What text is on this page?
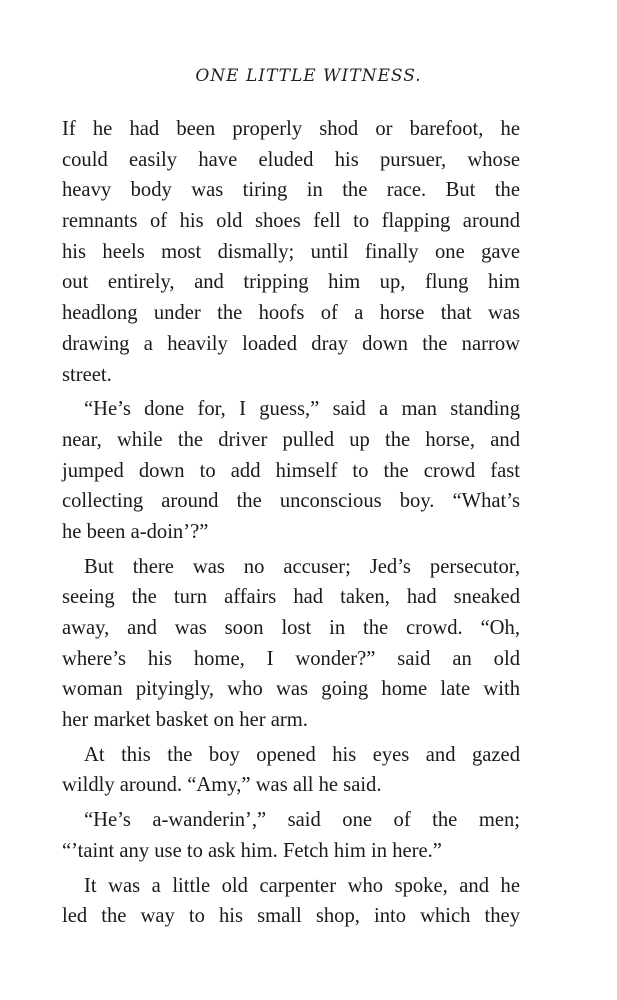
ONE LITTLE WITNESS.
If he had been properly shod or barefoot, he
could easily have eluded his pursuer, whose
heavy body was tiring in the race. But the
remnants of his old shoes fell to flapping around
his heels most dismally; until finally one gave
out entirely, and tripping him up, flung him
headlong under the hoofs of a horse that was
drawing a heavily loaded dray down the narrow
street.
“He’s done for, I guess,” said a man standing
near, while the driver pulled up the horse, and
jumped down to add himself to the crowd fast
collecting around the unconscious boy. “What’s
he been a-doin’?”
But there was no accuser; Jed’s persecutor,
seeing the turn affairs had taken, had sneaked
away, and was soon lost in the crowd. “Oh,
where’s his home, I wonder?” said an old
woman pityingly, who was going home late with
her market basket on her arm.
At this the boy opened his eyes and gazed
wildly around. “Amy,” was all he said.
“He’s a-wanderin’,” said one of the men;
“’taint any use to ask him. Fetch him in here.”
It was a little old carpenter who spoke, and he
led the way to his small shop, into which they
